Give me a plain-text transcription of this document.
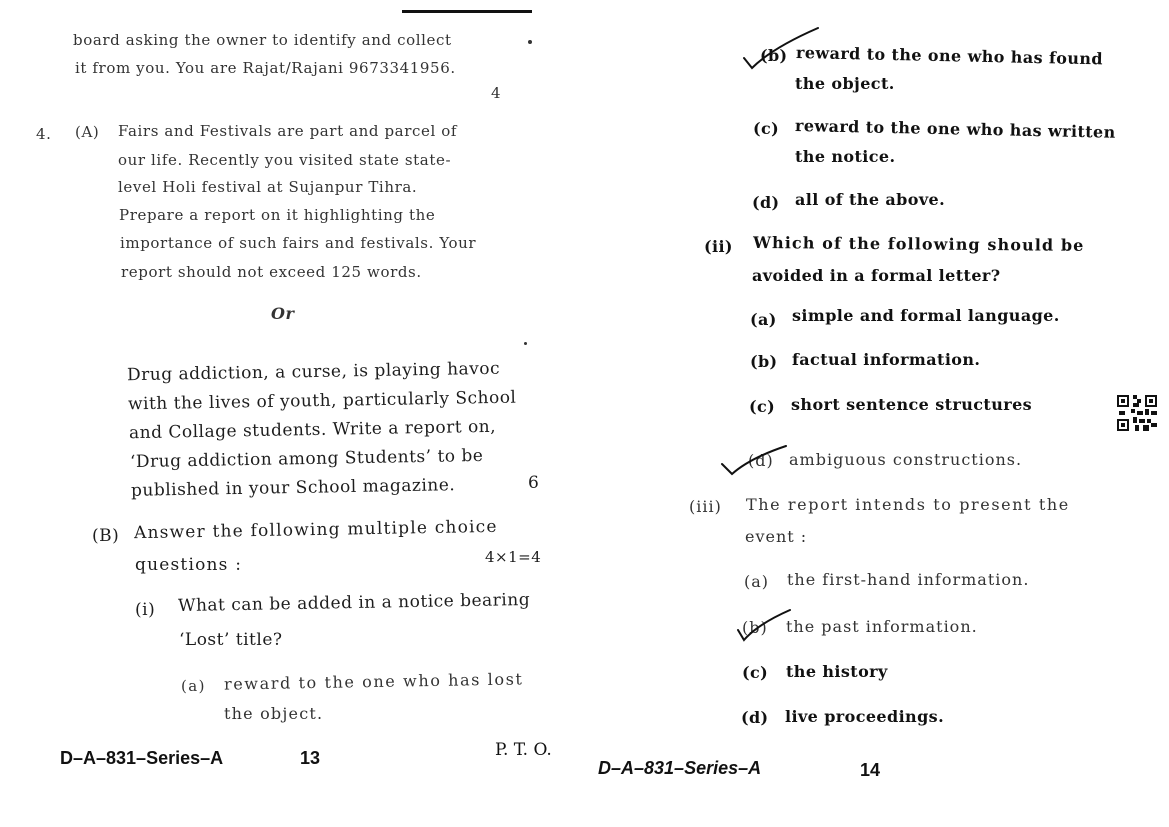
board asking the owner to identify and collect
it from you. You are Rajat/Rajani 9673341956.
4
4. (A) Fairs and Festivals are part and parcel of
our life. Recently you visited state state-
level Holi festival at Sujanpur Tihra.
Prepare a report on it highlighting the
importance of such fairs and festivals. Your
report should not exceed 125 words.
Or
Drug addiction, a curse, is playing havoc
with the lives of youth, particularly School
and Collage students. Write a report on,
‘Drug addiction among Students’ to be
published in your School magazine.	6
(B) Answer the following multiple choice
questions :	4×1=4
(i) What can be added in a notice bearing
‘Lost’ title?
(a) reward to the one who has lost
the object.
D–A–831–Series–A	13	P. T. O.
(b) reward to the one who has found
the object.
(c) reward to the one who has written
the notice.
(d) all of the above.
(ii) Which of the following should be
avoided in a formal letter?
(a) simple and formal language.
(b) factual information.
(c) short sentence structures
(d) ambiguous constructions.
(iii) The report intends to present the
event :
(a) the first-hand information.
(b) the past information.
(c) the history
(d) live proceedings.
D–A–831–Series–A	14
